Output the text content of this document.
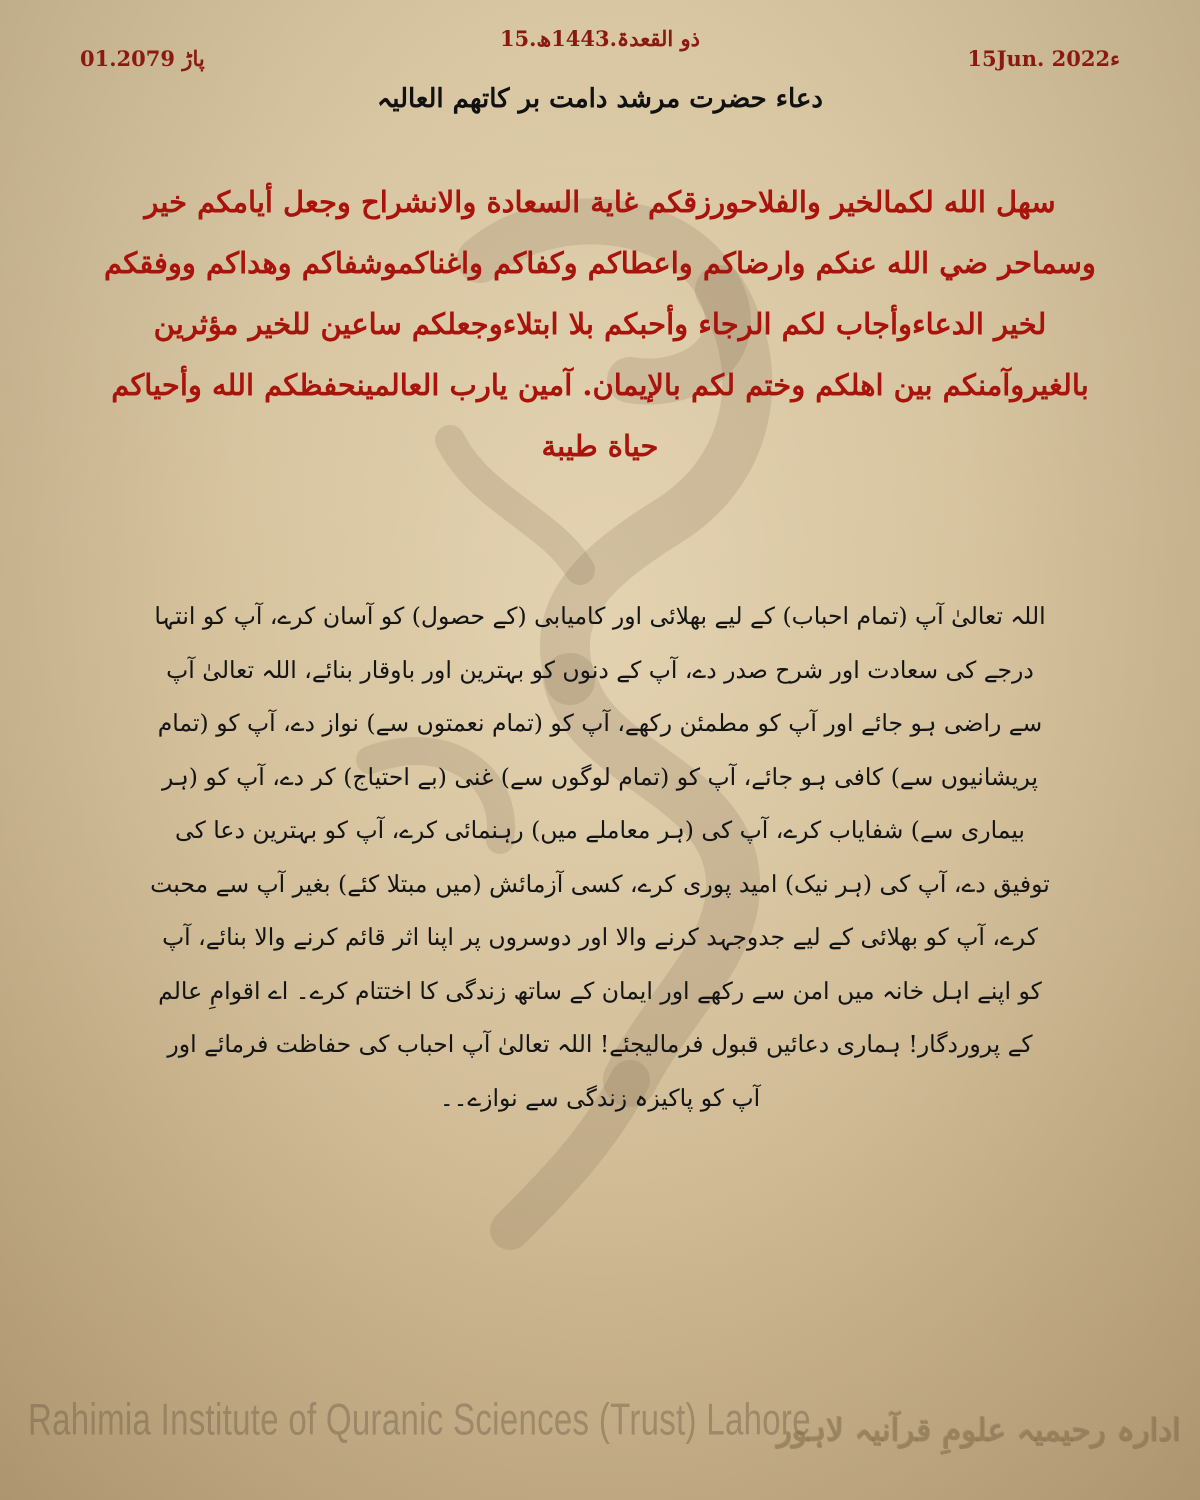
01.پاڑ 2079
15.ذو القعدۃ.1443ھ
15Jun. 2022ء
دعاء حضرت مرشد دامت بر کاتھم العالیہ
سهل الله لكمالخير والفلاحورزقكم غاية السعادة والانشراح وجعل أيامكم خير وسماحر ضي الله عنكم وارضاكم واعطاكم وكفاكم واغناكموشفاكم وهداكم ووفقكم لخير الدعاءوأجاب لكم الرجاء وأحبكم بلا ابتلاءوجعلكم ساعين للخير مؤثرين بالغيروآمنكم بين اهلكم وختم لكم بالإيمان. آمين يارب العالمينحفظكم الله وأحياكم حياة طيبة
اللہ تعالیٰ آپ (تمام احباب) کے لیے بھلائی اور کامیابی (کے حصول) کو آسان کرے، آپ کو انتہا درجے کی سعادت اور شرح صدر دے، آپ کے دنوں کو بہترین اور باوقار بنائے، اللہ تعالیٰ آپ سے راضی ہو جائے اور آپ کو مطمئن رکھے، آپ کو (تمام نعمتوں سے) نواز دے، آپ کو (تمام پریشانیوں سے) کافی ہو جائے، آپ کو (تمام لوگوں سے) غنی (بے احتیاج) کر دے، آپ کو (ہر بیماری سے) شفایاب کرے، آپ کی (ہر معاملے میں) رہنمائی کرے، آپ کو بہترین دعا کی توفیق دے، آپ کی (ہر نیک) امید پوری کرے، کسی آزمائش (میں مبتلا کئے) بغیر آپ سے محبت کرے، آپ کو بھلائی کے لیے جدوجہد کرنے والا اور دوسروں پر اپنا اثر قائم کرنے والا بنائے، آپ کو اپنے اہل خانہ میں امن سے رکھے اور ایمان کے ساتھ زندگی کا اختتام کرے۔ اے اقوامِ عالم کے پروردگار! ہماری دعائیں قبول فرمالیجئے! اللہ تعالیٰ آپ احباب کی حفاظت فرمائے اور آپ کو پاکیزہ زندگی سے نوازے۔۔
Rahimia Institute of Quranic Sciences (Trust) Lahore
ادارہ رحیمیہ علومِ قرآنیہ لاہور
